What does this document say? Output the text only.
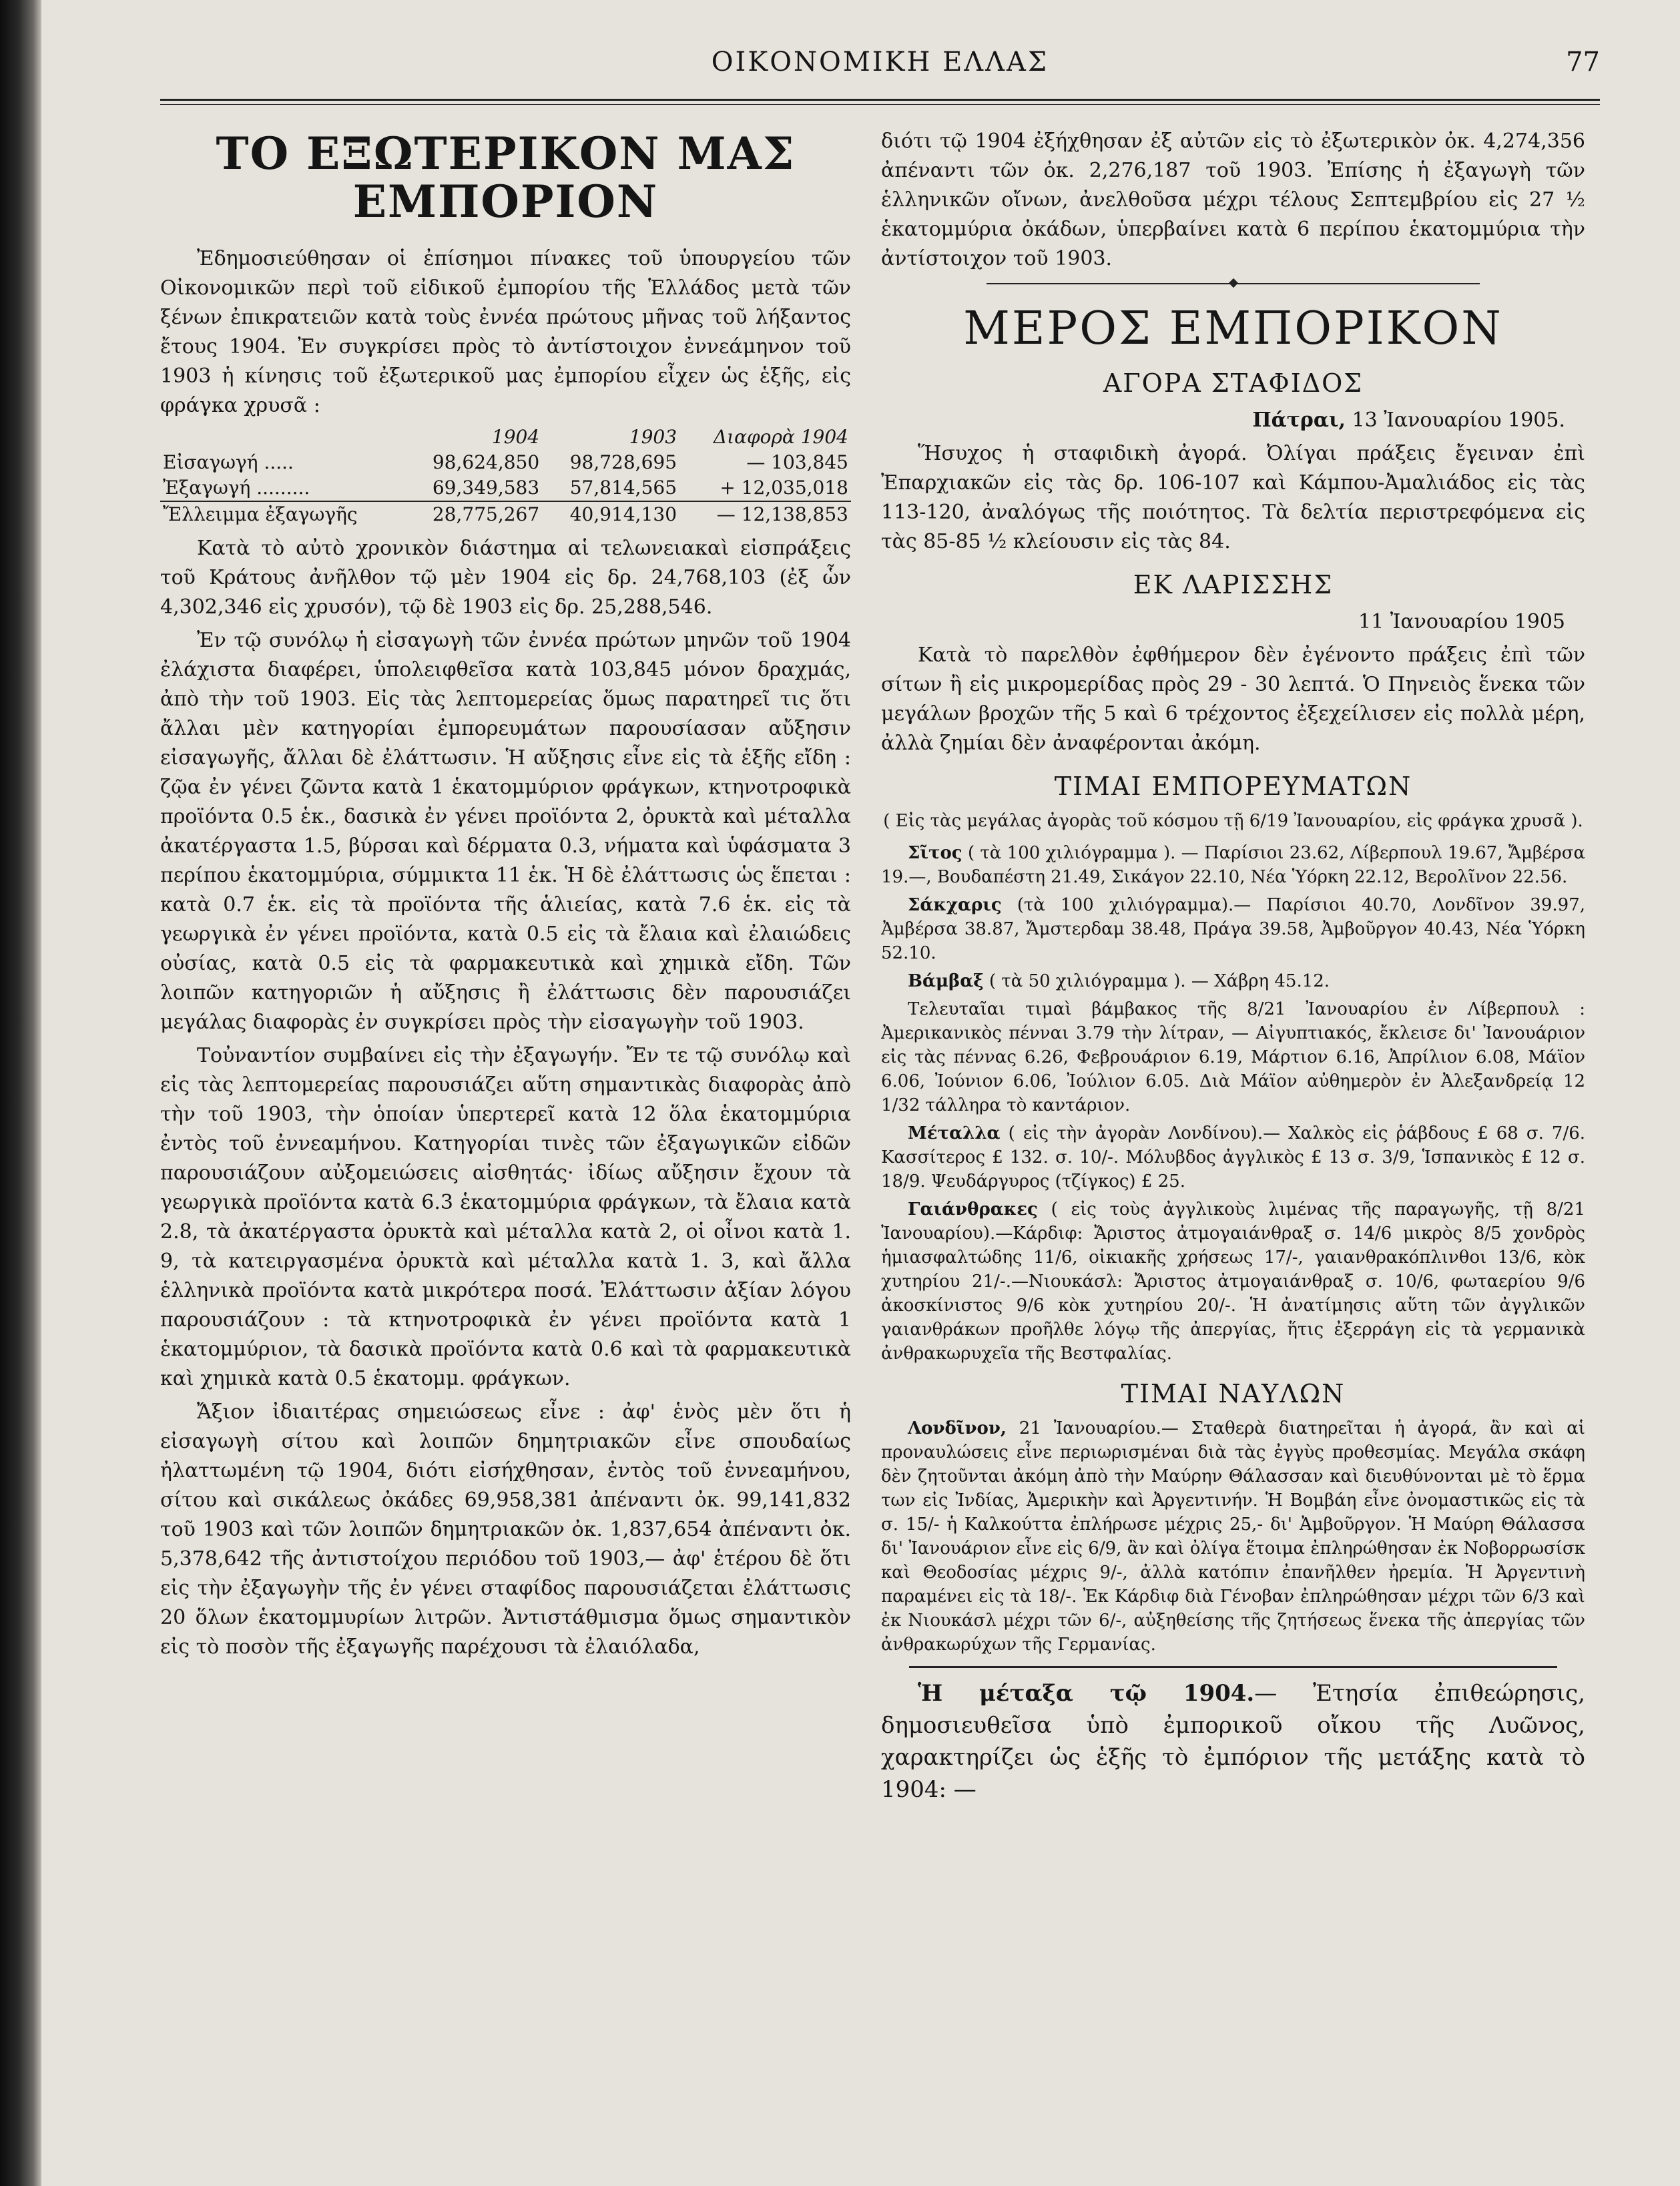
ΟΙΚΟΝΟΜΙΚΗ ΕΛΛΑΣ	77
ΤΟ ΕΞΩΤΕΡΙΚΟΝ ΜΑΣ ΕΜΠΟΡΙΟΝ

Ἐδημοσιεύθησαν οἱ ἐπίσημοι πίνακες τοῦ ὑπουργείου τῶν Οἰκονομικῶν περὶ τοῦ εἰδικοῦ ἐμπορίου τῆς Ἑλλάδος μετὰ τῶν ξένων ἐπικρατειῶν κατὰ τοὺς ἐννέα πρώτους μῆνας τοῦ λήξαντος ἔτους 1904. Ἐν συγκρίσει πρὸς τὸ ἀντίστοιχον ἐννεάμηνον τοῦ 1903 ἡ κίνησις τοῦ ἐξωτερικοῦ μας ἐμπορίου εἶχεν ὡς ἑξῆς, εἰς φράγκα χρυσᾶ :

	1904	1903	Διαφορὰ 1904
Εἰσαγωγή .....	98,624,850	98,728,695	— 103,845
Ἐξαγωγή .........	69,349,583	57,814,565	+ 12,035,018
Ἔλλειμμα ἐξαγωγῆς	28,775,267	40,914,130	— 12,138,853

Κατὰ τὸ αὐτὸ χρονικὸν διάστημα αἱ τελωνειακαὶ εἰσπράξεις τοῦ Κράτους ἀνῆλθον τῷ μὲν 1904 εἰς δρ. 24,768,103 (ἐξ ὧν 4,302,346 εἰς χρυσόν), τῷ δὲ 1903 εἰς δρ. 25,288,546.

Ἐν τῷ συνόλῳ ἡ εἰσαγωγὴ τῶν ἐννέα πρώτων μηνῶν τοῦ 1904 ἐλάχιστα διαφέρει, ὑπολειφθεῖσα κατὰ 103,845 μόνον δραχμάς, ἀπὸ τὴν τοῦ 1903. Εἰς τὰς λεπτομερείας ὅμως παρατηρεῖ τις ὅτι ἄλλαι μὲν κατηγορίαι ἐμπορευμάτων παρουσίασαν αὔξησιν εἰσαγωγῆς, ἄλλαι δὲ ἐλάττωσιν. Ἡ αὔξησις εἶνε εἰς τὰ ἑξῆς εἴδη : ζῷα ἐν γένει ζῶντα κατὰ 1 ἑκατομμύριον φράγκων, κτηνοτροφικὰ προϊόντα 0.5 ἑκ., δασικὰ ἐν γένει προϊόντα 2, ὀρυκτὰ καὶ μέταλλα ἀκατέργαστα 1.5, βύρσαι καὶ δέρματα 0.3, νήματα καὶ ὑφάσματα 3 περίπου ἑκατομμύρια, σύμμικτα 11 ἑκ. Ἡ δὲ ἐλάττωσις ὡς ἕπεται : κατὰ 0.7 ἑκ. εἰς τὰ προϊόντα τῆς ἁλιείας, κατὰ 7.6 ἑκ. εἰς τὰ γεωργικὰ ἐν γένει προϊόντα, κατὰ 0.5 εἰς τὰ ἔλαια καὶ ἐλαιώδεις οὐσίας, κατὰ 0.5 εἰς τὰ φαρμακευτικὰ καὶ χημικὰ εἴδη. Τῶν λοιπῶν κατηγοριῶν ἡ αὔξησις ἢ ἐλάττωσις δὲν παρουσιάζει μεγάλας διαφορὰς ἐν συγκρίσει πρὸς τὴν εἰσαγωγὴν τοῦ 1903.

Τοὐναντίον συμβαίνει εἰς τὴν ἐξαγωγήν. Ἔν τε τῷ συνόλῳ καὶ εἰς τὰς λεπτομερείας παρουσιάζει αὕτη σημαντικὰς διαφορὰς ἀπὸ τὴν τοῦ 1903, τὴν ὁποίαν ὑπερτερεῖ κατὰ 12 ὅλα ἑκατομμύρια ἐντὸς τοῦ ἐννεαμήνου. Κατηγορίαι τινὲς τῶν ἐξαγωγικῶν εἰδῶν παρουσιάζουν αὐξομειώσεις αἰσθητάς· ἰδίως αὔξησιν ἔχουν τὰ γεωργικὰ προϊόντα κατὰ 6.3 ἑκατομμύρια φράγκων, τὰ ἔλαια κατὰ 2.8, τὰ ἀκατέργαστα ὀρυκτὰ καὶ μέταλλα κατὰ 2, οἱ οἶνοι κατὰ 1. 9, τὰ κατειργασμένα ὀρυκτὰ καὶ μέταλλα κατὰ 1. 3, καὶ ἄλλα ἑλληνικὰ προϊόντα κατὰ μικρότερα ποσά. Ἐλάττωσιν ἀξίαν λόγου παρουσιάζουν : τὰ κτηνοτροφικὰ ἐν γένει προϊόντα κατὰ 1 ἑκατομμύριον, τὰ δασικὰ προϊόντα κατὰ 0.6 καὶ τὰ φαρμακευτικὰ καὶ χημικὰ κατὰ 0.5 ἑκατομμ. φράγκων.

Ἄξιον ἰδιαιτέρας σημειώσεως εἶνε : ἀφ' ἑνὸς μὲν ὅτι ἡ εἰσαγωγὴ σίτου καὶ λοιπῶν δημητριακῶν εἶνε σπουδαίως ἠλαττωμένη τῷ 1904, διότι εἰσήχθησαν, ἐντὸς τοῦ ἐννεαμήνου, σίτου καὶ σικάλεως ὀκάδες 69,958,381 ἀπέναντι ὀκ. 99,141,832 τοῦ 1903 καὶ τῶν λοιπῶν δημητριακῶν ὀκ. 1,837,654 ἀπέναντι ὀκ. 5,378,642 τῆς ἀντιστοίχου περιόδου τοῦ 1903,— ἀφ' ἑτέρου δὲ ὅτι εἰς τὴν ἐξαγωγὴν τῆς ἐν γένει σταφίδος παρουσιάζεται ἐλάττωσις 20 ὅλων ἑκατομμυρίων λιτρῶν. Ἀντιστάθμισμα ὅμως σημαντικὸν εἰς τὸ ποσὸν τῆς ἐξαγωγῆς παρέχουσι τὰ ἐλαιόλαδα,

διότι τῷ 1904 ἐξήχθησαν ἐξ αὐτῶν εἰς τὸ ἐξωτερικὸν ὀκ. 4,274,356 ἀπέναντι τῶν ὀκ. 2,276,187 τοῦ 1903. Ἐπίσης ἡ ἐξαγωγὴ τῶν ἑλληνικῶν οἴνων, ἀνελθοῦσα μέχρι τέλους Σεπτεμβρίου εἰς 27 ½ ἑκατομμύρια ὀκάδων, ὑπερβαίνει κατὰ 6 περίπου ἑκατομμύρια τὴν ἀντίστοιχον τοῦ 1903.

ΜΕΡΟΣ ΕΜΠΟΡΙΚΟΝ
ΑΓΟΡΑ ΣΤΑΦΙΔΟΣ
Πάτραι, 13 Ἰανουαρίου 1905.

Ἥσυχος ἡ σταφιδικὴ ἀγορά. Ὀλίγαι πράξεις ἔγειναν ἐπὶ Ἐπαρχιακῶν εἰς τὰς δρ. 106-107 καὶ Κάμπου-Ἀμαλιάδος εἰς τὰς 113-120, ἀναλόγως τῆς ποιότητος. Τὰ δελτία περιστρεφόμενα εἰς τὰς 85-85 ½ κλείουσιν εἰς τὰς 84.

ΕΚ ΛΑΡΙΣΣΗΣ
11 Ἰανουαρίου 1905

Κατὰ τὸ παρελθὸν ἐφθήμερον δὲν ἐγένοντο πράξεις ἐπὶ τῶν σίτων ἢ εἰς μικρομερίδας πρὸς 29 - 30 λεπτά. Ὁ Πηνειὸς ἕνεκα τῶν μεγάλων βροχῶν τῆς 5 καὶ 6 τρέχοντος ἐξεχείλισεν εἰς πολλὰ μέρη, ἀλλὰ ζημίαι δὲν ἀναφέρονται ἀκόμη.

ΤΙΜΑΙ ΕΜΠΟΡΕΥΜΑΤΩΝ
( Εἰς τὰς μεγάλας ἀγορὰς τοῦ κόσμου τῇ 6/19 Ἰανουαρίου, εἰς φράγκα χρυσᾶ ).

Σῖτος ( τὰ 100 χιλιόγραμμα ). — Παρίσιοι 23.62, Λίβερπουλ 19.67, Ἄμβέρσα 19.—, Βουδαπέστη 21.49, Σικάγον 22.10, Νέα Ὑόρκη 22.12, Βερολῖνον 22.56.

Σάκχαρις (τὰ 100 χιλιόγραμμα).— Παρίσιοι 40.70, Λονδῖνον 39.97, Ἀμβέρσα 38.87, Ἄμστερδαμ 38.48, Πράγα 39.58, Ἀμβοῦργον 40.43, Νέα Ὑόρκη 52.10.

Βάμβαξ ( τὰ 50 χιλιόγραμμα ). — Χάβρη 45.12.

Τελευταῖαι τιμαὶ βάμβακος τῆς 8/21 Ἰανουαρίου ἐν Λίβερπουλ : Ἀμερικανικὸς πένναι 3.79 τὴν λίτραν, — Αἰγυπτιακός, ἔκλεισε δι' Ἰανουάριον εἰς τὰς πέννας 6.26, Φεβρουάριον 6.19, Μάρτιον 6.16, Ἀπρίλιον 6.08, Μάϊον 6.06, Ἰούνιον 6.06, Ἰούλιον 6.05. Διὰ Μάϊον αὐθημερὸν ἐν Ἀλεξανδρείᾳ 12 1/32 τάλληρα τὸ καντάριον.

Μέταλλα ( εἰς τὴν ἀγορὰν Λονδίνου).— Χαλκὸς εἰς ῥάβδους £ 68 σ. 7/6. Κασσίτερος £ 132. σ. 10/-. Μόλυβδος ἀγγλικὸς £ 13 σ. 3/9, Ἱσπανικὸς £ 12 σ. 18/9. Ψευδάργυρος (τζίγκος) £ 25.

Γαιάνθρακες ( εἰς τοὺς ἀγγλικοὺς λιμένας τῆς παραγωγῆς, τῇ 8/21 Ἰανουαρίου).—Κάρδιφ: Ἄριστος ἀτμογαιάνθραξ σ. 14/6 μικρὸς 8/5 χονδρὸς ἡμιασφαλτώδης 11/6, οἰκιακῆς χρήσεως 17/-, γαιανθρακόπλινθοι 13/6, κὸκ χυτηρίου 21/-.—Νιουκάσλ: Ἄριστος ἀτμογαιάνθραξ σ. 10/6, φωταερίου 9/6 ἀκοσκίνιστος 9/6 κὸκ χυτηρίου 20/-. Ἡ ἀνατίμησις αὕτη τῶν ἀγγλικῶν γαιανθράκων προῆλθε λόγῳ τῆς ἀπεργίας, ἥτις ἐξερράγη εἰς τὰ γερμανικὰ ἀνθρακωρυχεῖα τῆς Βεστφαλίας.

ΤΙΜΑΙ ΝΑΥΛΩΝ

Λονδῖνον, 21 Ἰανουαρίου.— Σταθερὰ διατηρεῖται ἡ ἀγορά, ἂν καὶ αἱ προναυλώσεις εἶνε περιωρισμέναι διὰ τὰς ἐγγὺς προθεσμίας. Μεγάλα σκάφη δὲν ζητοῦνται ἀκόμη ἀπὸ τὴν Μαύρην Θάλασσαν καὶ διευθύνονται μὲ τὸ ἕρμα των εἰς Ἰνδίας, Ἀμερικὴν καὶ Ἀργεντινήν. Ἡ Βομβάη εἶνε ὀνομαστικῶς εἰς τὰ σ. 15/- ἡ Καλκούττα ἐπλήρωσε μέχρις 25,- δι' Ἀμβοῦργον. Ἡ Μαύρη Θάλασσα δι' Ἰανουάριον εἶνε εἰς 6/9, ἂν καὶ ὀλίγα ἕτοιμα ἐπληρώθησαν ἐκ Νοβορρωσίσκ καὶ Θεοδοσίας μέχρις 9/-, ἀλλὰ κατόπιν ἐπανῆλθεν ἠρεμία. Ἡ Ἀργεντινὴ παραμένει εἰς τὰ 18/-. Ἐκ Κάρδιφ διὰ Γένοβαν ἐπληρώθησαν μέχρι τῶν 6/3 καὶ ἐκ Νιουκάσλ μέχρι τῶν 6/-, αὐξηθείσης τῆς ζητήσεως ἕνεκα τῆς ἀπεργίας τῶν ἀνθρακωρύχων τῆς Γερμανίας.

Ἡ μέταξα τῷ 1904.— Ἐτησία ἐπιθεώρησις, δημοσιευθεῖσα ὑπὸ ἐμπορικοῦ οἴκου τῆς Λυῶνος, χαρακτηρίζει ὡς ἑξῆς τὸ ἐμπόριον τῆς μετάξης κατὰ τὸ 1904: —
